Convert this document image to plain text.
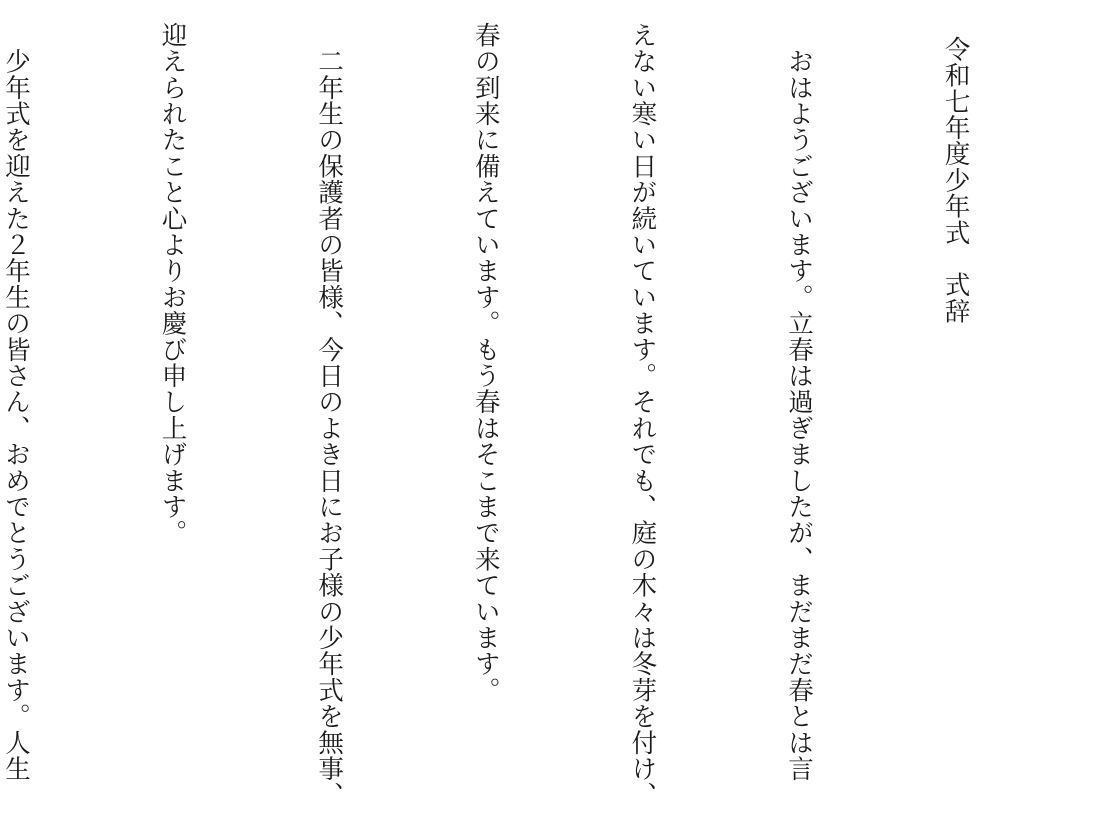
令和七年度少年式　式辞

　おはようございます。立春は過ぎましたが、まだまだ春とは言

えない寒い日が続いています。それでも、庭の木々は冬芽を付け、

春の到来に備えています。もう春はそこまで来ています。

　二年生の保護者の皆様、今日のよき日にお子様の少年式を無事、

迎えられたこと心よりお慶び申し上げます。

　少年式を迎えた２年生の皆さん、おめでとうございます。人生
